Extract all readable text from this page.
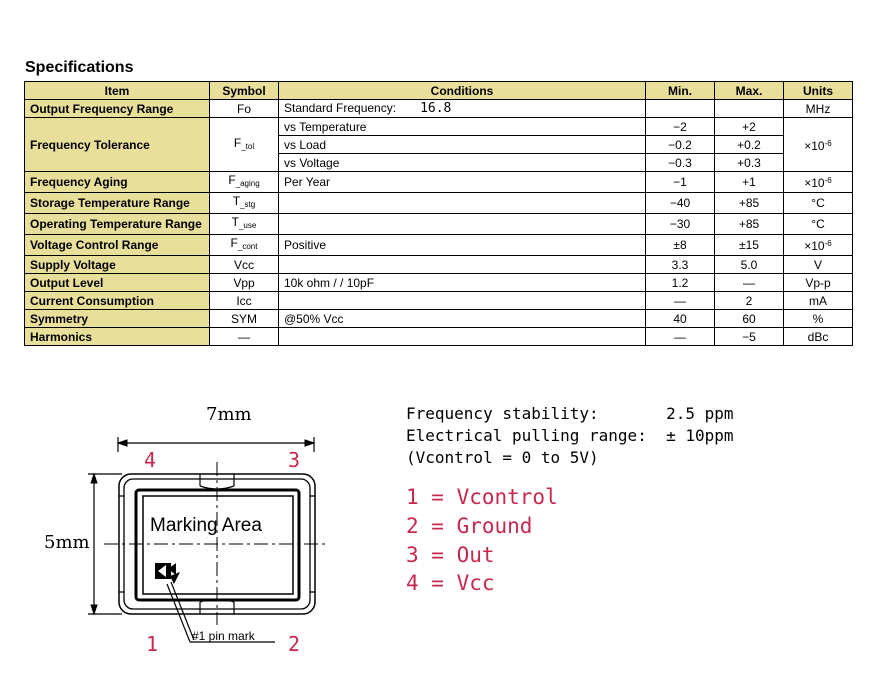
Specifications
Item	Symbol	Conditions	Min.	Max.	Units
Output Frequency Range	Fo	Standard Frequency: 16.8			MHz
Frequency Tolerance	$F_{\_tol}$	vs Temperature	−2	+2	$\times 10^{-6}$
		vs Load	−0.2	+0.2	
		vs Voltage	−0.3	+0.3	
Frequency Aging	$F_{\_aging}$	Per Year	−1	+1	$\times 10^{-6}$
Storage Temperature Range	$T_{\_stg}$		−40	+85	°C
Operating Temperature Range	$T_{\_use}$		−30	+85	°C
Voltage Control Range	$F_{\_cont}$	Positive	±8	±15	$\times 10^{-6}$
Supply Voltage	Vcc		3.3	5.0	V
Output Level	Vpp	10k ohm / / 10pF	1.2	—	Vp-p
Current Consumption	Icc		—	2	mA
Symmetry	SYM	@50% Vcc	40	60	%
Harmonics	—		—	−5	dBc
Marking Area
#1 pin mark
7mm
5mm
4	3
1	2
Frequency stability:       2.5 ppm
Electrical pulling range:  ± 10ppm
(Vcontrol = 0 to 5V)
1 = Vcontrol
2 = Ground
3 = Out
4 = Vcc
